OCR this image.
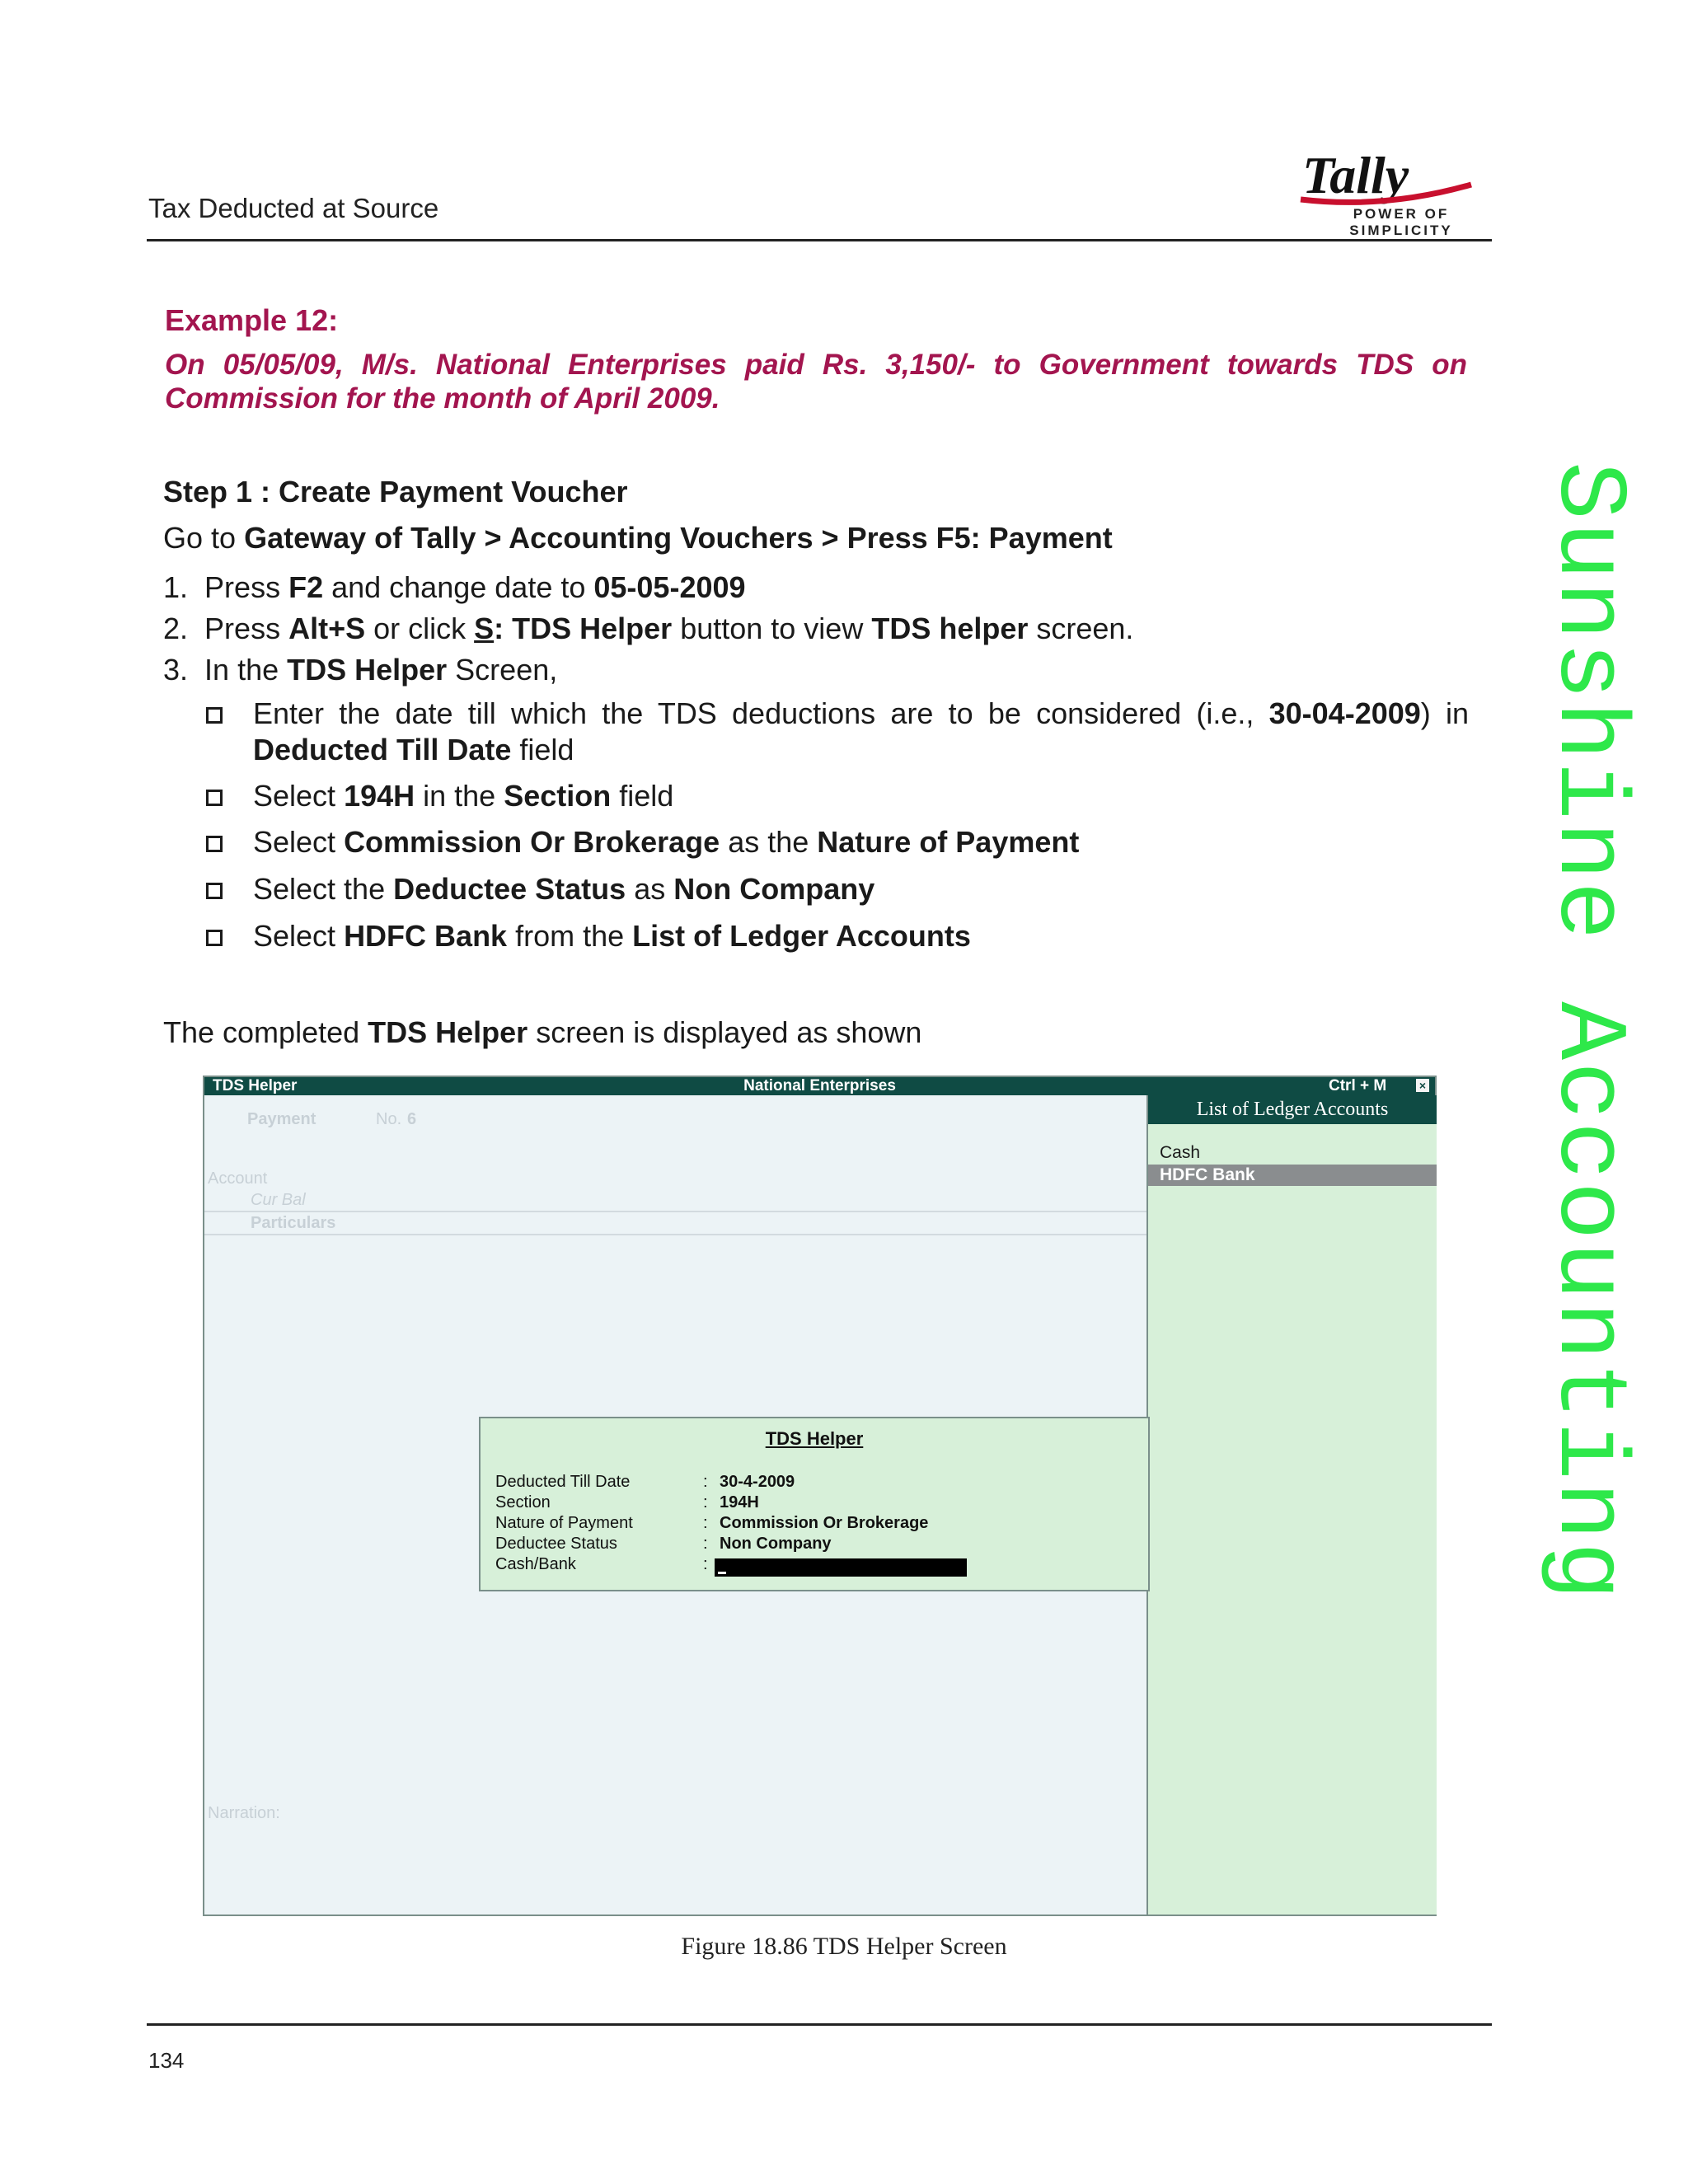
Tax Deducted at Source
Tally
POWER OF SIMPLICITY
Example 12:
On 05/05/09, M/s. National Enterprises paid Rs. 3,150/- to Government towards TDS on Commission for the month of April 2009.
Step 1 : Create Payment Voucher
Go to Gateway of Tally > Accounting Vouchers > Press F5: Payment
1. Press F2 and change date to 05-05-2009
2. Press Alt+S or click S: TDS Helper button to view TDS helper screen.
3. In the TDS Helper Screen,
Enter the date till which the TDS deductions are to be considered (i.e., 30-04-2009) in Deducted Till Date field
Select 194H in the Section field
Select Commission Or Brokerage as the Nature of Payment
Select the Deductee Status as Non Company
Select HDFC Bank from the List of Ledger Accounts
The completed TDS Helper screen is displayed as shown	Sunshine Accounting
TDS Helper	National Enterprises	Ctrl + M	×
Payment	No. 6
Account
Cur Bal
Particulars
Narration:
List of Ledger Accounts
Cash
HDFC Bank
TDS Helper
Deducted Till Date	: 30-4-2009
Section	: 194H
Nature of Payment	: Commission Or Brokerage
Deductee Status	: Non Company
Cash/Bank	:
Figure 18.86 TDS Helper Screen
134
